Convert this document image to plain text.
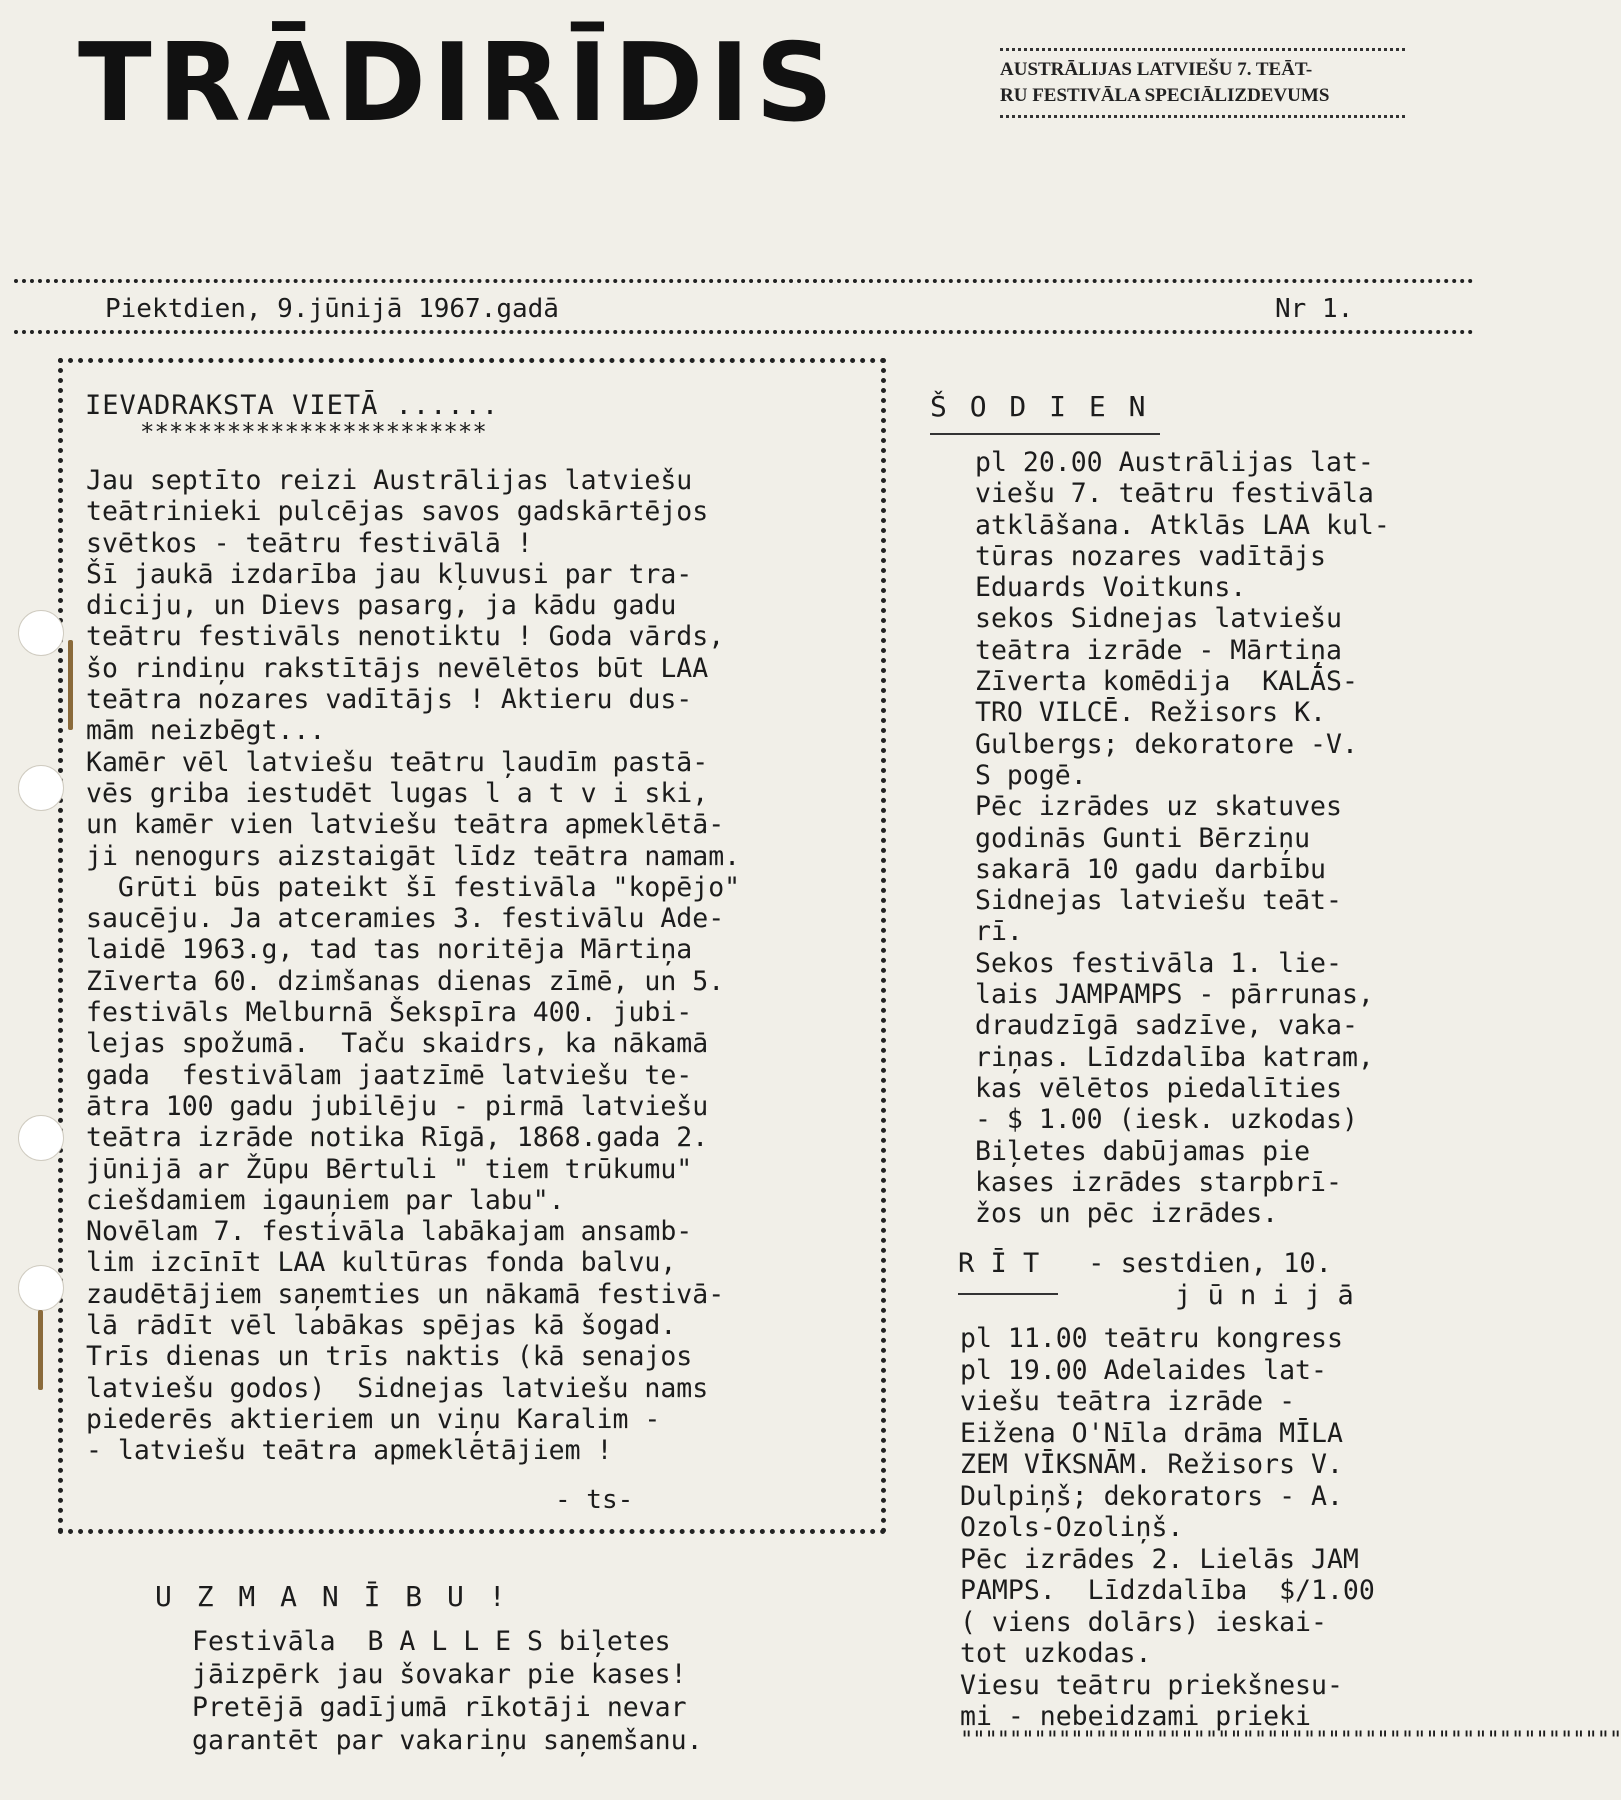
TRĀDIRĪDIS	AUSTRĀLIJAS LATVIEŠU 7. TEĀT-
RU FESTIVĀLA SPECIĀLIZDEVUMS
Piektdien, 9.jūnijā 1967.gadā	Nr 1.
IEVADRAKSTA VIETĀ ......
************************
Jau septīto reizi Austrālijas latviešu
teātrinieki pulcējas savos gadskārtējos
svētkos - teātru festivālā !
Šī jaukā izdarība jau kļuvusi par tra-
diciju, un Dievs pasarg, ja kādu gadu
teātru festivāls nenotiktu ! Goda vārds,
šo rindiņu rakstītājs nevēlētos būt LAA
teātra nozares vadītājs ! Aktieru dus-
mām neizbēgt...
Kamēr vēl latviešu teātru ļaudīm pastā-
vēs griba iestudēt lugas l a t v i ski,
un kamēr vien latviešu teātra apmeklētā-
ji nenogurs aizstaigāt līdz teātra namam.
Grūti būs pateikt šī festivāla "kopējo"
saucēju. Ja atceramies 3. festivālu Ade-
laidē 1963.g, tad tas noritēja Mārtiņa
Zīverta 60. dzimšanas dienas zīmē, un 5.
festivāls Melburnā Šekspīra 400. jubi-
lejas spožumā.  Taču skaidrs, ka nākamā
gada  festivālam jaatzīmē latviešu te-
ātra 100 gadu jubilēju - pirmā latviešu
teātra izrāde notika Rīgā, 1868.gada 2.
jūnijā ar Žūpu Bērtuli " tiem trūkumu"
ciešdamiem igauņiem par labu".
Novēlam 7. festivāla labākajam ansamb-
lim izcīnīt LAA kultūras fonda balvu,
zaudētājiem saņemties un nākamā festivā-
lā rādīt vēl labākas spējas kā šogad.
Trīs dienas un trīs naktis (kā senajos
latviešu godos)  Sidnejas latviešu nams
piederēs aktieriem un viņu Karalim -
- latviešu teātra apmeklētājiem !
- ts-
Š O D I E N
pl 20.00 Austrālijas lat-
viešu 7. teātru festivāla
atklāšana. Atklās LAA kul-
tūras nozares vadītājs
Eduards Voitkuns.
sekos Sidnejas latviešu
teātra izrāde - Mārtiņa
Zīverta komēdija  KALĀS-
TRO VILCĒ. Režisors K.
Gulbergs; dekoratore -V.
S pogē.
Pēc izrādes uz skatuves
godinās Gunti Bērziņu
sakarā 10 gadu darbību
Sidnejas latviešu teāt-
rī.
Sekos festivāla 1. lie-
lais JAMPAMPS - pārrunas,
draudzīgā sadzīve, vaka-
riņas. Līdzdalība katram,
kas vēlētos piedalīties
- $ 1.00 (iesk. uzkodas)
Biļetes dabūjamas pie
kases izrādes starpbrī-
žos un pēc izrādes.
R Ī T - sestdien, 10.
j ū n i j ā
pl 11.00 teātru kongress
pl 19.00 Adelaides lat-
viešu teātra izrāde -
Eižena O'Nīla drāma MĪLA
ZEM VĪKSNĀM. Režisors V.
Dulpiņš; dekorators - A.
Ozols-Ozoliņš.
Pēc izrādes 2. Lielās JAM
PAMPS.  Līdzdalība  $/1.00
( viens dolārs) ieskai-
tot uzkodas.
Viesu teātru priekšnesu-
mi - nebeidzami prieki
""""""""""""""""""""""""""""""""""""""""""""""""""""""
U Z M A N Ī B U !
Festivāla  B A L L E S biļetes
jāizpērk jau šovakar pie kases!
Pretējā gadījumā rīkotāji nevar
garantēt par vakariņu saņemšanu.
